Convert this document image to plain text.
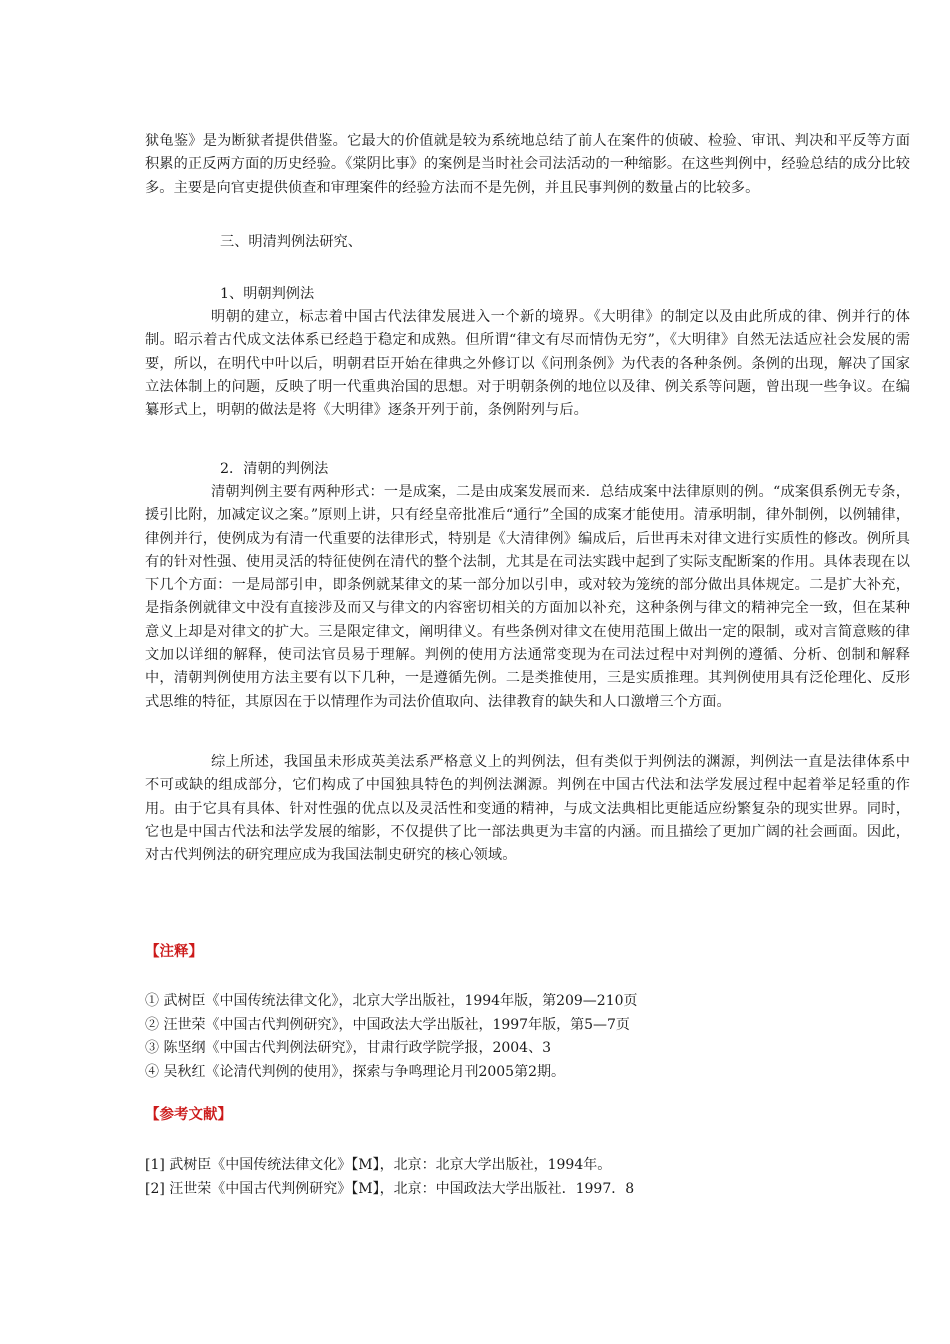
狱龟鉴》是为断狱者提供借鉴。它最大的价值就是较为系统地总结了前人在案件的侦破、检验、审讯、判决和平反等方面积累的正反两方面的历史经验。《棠阴比事》的案例是当时社会司法活动的一种缩影。在这些判例中，经验总结的成分比较多。主要是向官吏提供侦查和审理案件的经验方法而不是先例，并且民事判例的数量占的比较多。

三、明清判例法研究、

1、明朝判例法

明朝的建立，标志着中国古代法律发展进入一个新的境界。《大明律》的制定以及由此所成的律、例并行的体制。昭示着古代成文法体系已经趋于稳定和成熟。但所谓“律文有尽而情伪无穷”，《大明律》自然无法适应社会发展的需要，所以，在明代中叶以后，明朝君臣开始在律典之外修订以《问刑条例》为代表的各种条例。条例的出现，解决了国家立法体制上的问题，反映了明一代重典治国的思想。对于明朝条例的地位以及律、例关系等问题，曾出现一些争议。在编纂形式上，明朝的做法是将《大明律》逐条开列于前，条例附列与后。

2．清朝的判例法

清朝判例主要有两种形式：一是成案，二是由成案发展而来．总结成案中法律原则的例。“成案俱系例无专条，援引比附，加减定议之案。”原则上讲，只有经皇帝批准后“通行”全国的成案才能使用。清承明制，律外制例，以例辅律，律例并行，使例成为有清一代重要的法律形式，特别是《大清律例》编成后，后世再未对律文进行实质性的修改。例所具有的针对性强、使用灵活的特征使例在清代的整个法制，尤其是在司法实践中起到了实际支配断案的作用。具体表现在以下几个方面：一是局部引申，即条例就某律文的某一部分加以引申，或对较为笼统的部分做出具体规定。二是扩大补充，是指条例就律文中没有直接涉及而又与律文的内容密切相关的方面加以补充，这种条例与律文的精神完全一致，但在某种意义上却是对律文的扩大。三是限定律文，阐明律义。有些条例对律文在使用范围上做出一定的限制，或对言简意赅的律文加以详细的解释，使司法官员易于理解。判例的使用方法通常变现为在司法过程中对判例的遵循、分析、创制和解释中，清朝判例使用方法主要有以下几种，一是遵循先例。二是类推使用，三是实质推理。其判例使用具有泛伦理化、反形式思维的特征，其原因在于以情理作为司法价值取向、法律教育的缺失和人口激增三个方面。

综上所述，我国虽未形成英美法系严格意义上的判例法，但有类似于判例法的渊源，判例法一直是法律体系中不可或缺的组成部分，它们构成了中国独具特色的判例法渊源。判例在中国古代法和法学发展过程中起着举足轻重的作用。由于它具有具体、针对性强的优点以及灵活性和变通的精神，与成文法典相比更能适应纷繁复杂的现实世界。同时，它也是中国古代法和法学发展的缩影，不仅提供了比一部法典更为丰富的内涵。而且描绘了更加广阔的社会画面。因此，对古代判例法的研究理应成为我国法制史研究的核心领域。

【注释】

① 武树臣《中国传统法律文化》，北京大学出版社，1994年版，第209—210页
② 汪世荣《中国古代判例研究》，中国政法大学出版社，1997年版，第5—7页
③ 陈坚纲《中国古代判例法研究》，甘肃行政学院学报，2004、3
④ 吴秋红《论清代判例的使用》，探索与争鸣理论月刊2005第2期。

【参考文献】

[1] 武树臣《中国传统法律文化》【M】，北京：北京大学出版社，1994年。
[2] 汪世荣《中国古代判例研究》【M】，北京：中国政法大学出版社．1997．8
